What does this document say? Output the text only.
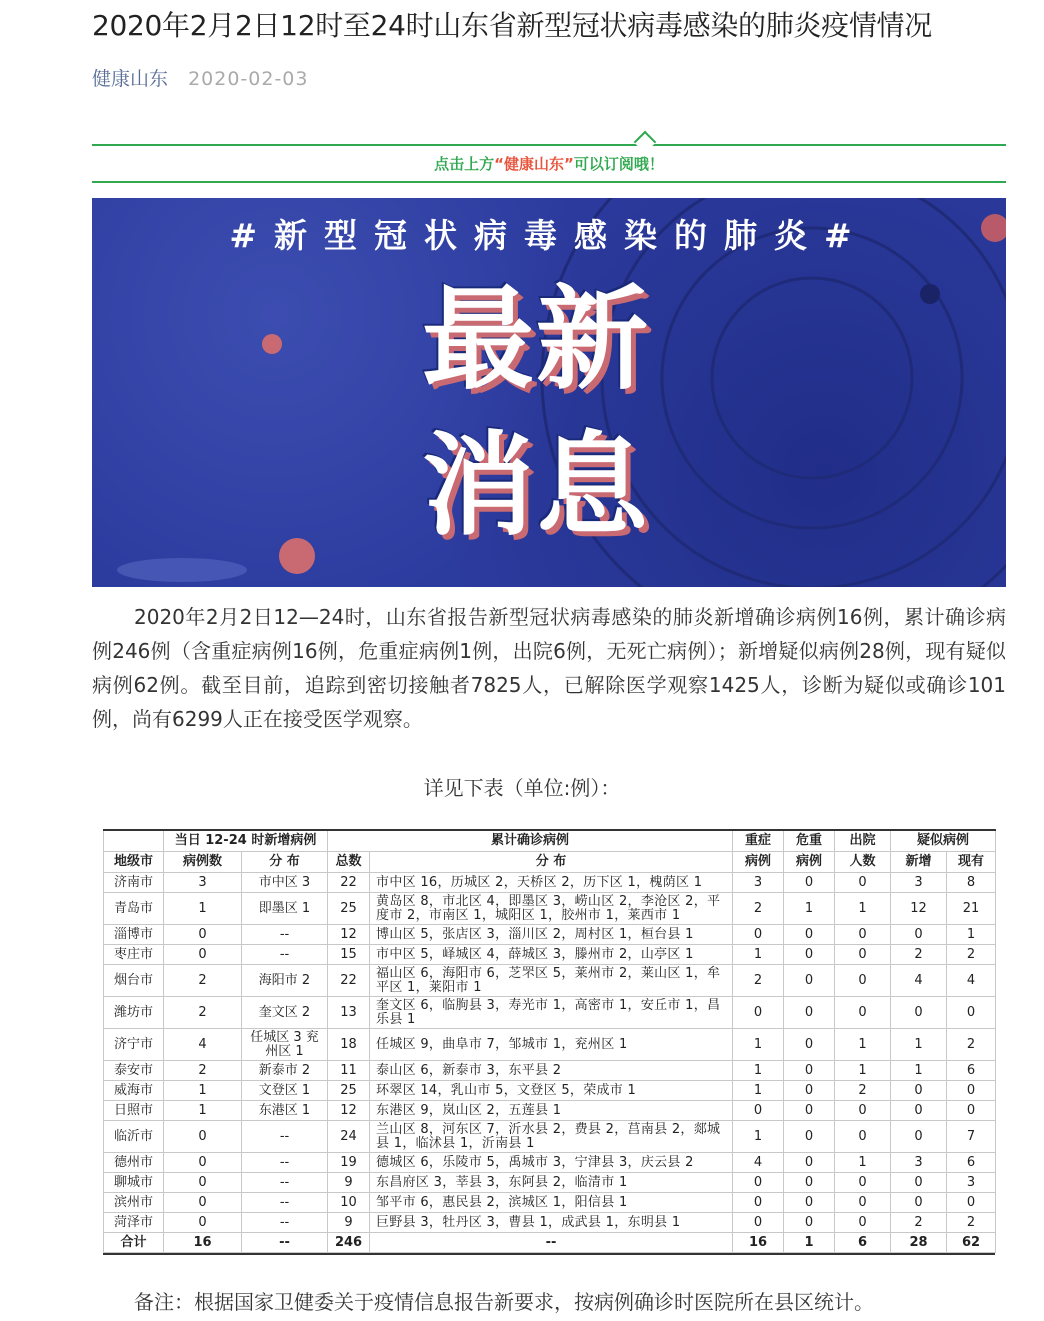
2020年2月2日12时至24时山东省新型冠状病毒感染的肺炎疫情情况
健康山东 2020-02-03
点击上方“健康山东”可以订阅哦！
#新型冠状病毒感染的肺炎#
最新
消息
2020年2月2日12—24时，山东省报告新型冠状病毒感染的肺炎新增确诊病例16例，累计确诊病例246例（含重症病例16例，危重症病例1例，出院6例，无死亡病例）；新增疑似病例28例，现有疑似病例62例。截至目前，追踪到密切接触者7825人，已解除医学观察1425人，诊断为疑似或确诊101例，尚有6299人正在接受医学观察。
详见下表（单位:例）：
	当日 12-24 时新增病例		累计确诊病例		重症	危重	出院	疑似病例	
地级市	病例数	分 布	总数	分 布	病例	病例	人数	新增	现有
济南市	3	市中区 3	22	市中区 16，历城区 2，天桥区 2，历下区 1，槐荫区 1	3	0	0	3	8
青岛市	1	即墨区 1	25	黄岛区 8，市北区 4，即墨区 3，崂山区 2，李沧区 2，平度市 2，市南区 1，城阳区 1，胶州市 1，莱西市 1	2	1	1	12	21
淄博市	0	--	12	博山区 5，张店区 3，淄川区 2，周村区 1，桓台县 1	0	0	0	0	1
枣庄市	0	--	15	市中区 5，峄城区 4，薛城区 3，滕州市 2，山亭区 1	1	0	0	2	2
烟台市	2	海阳市 2	22	福山区 6，海阳市 6，芝罘区 5，莱州市 2，莱山区 1，牟平区 1，莱阳市 1	2	0	0	4	4
潍坊市	2	奎文区 2	13	奎文区 6，临朐县 3，寿光市 1，高密市 1，安丘市 1，昌乐县 1	0	0	0	0	0
济宁市	4	任城区 3 兖州区 1	18	任城区 9，曲阜市 7，邹城市 1，兖州区 1	1	0	1	1	2
泰安市	2	新泰市 2	11	泰山区 6，新泰市 3，东平县 2	1	0	1	1	6
威海市	1	文登区 1	25	环翠区 14，乳山市 5，文登区 5，荣成市 1	1	0	2	0	0
日照市	1	东港区 1	12	东港区 9，岚山区 2，五莲县 1	0	0	0	0	0
临沂市	0	--	24	兰山区 8，河东区 7，沂水县 2，费县 2，莒南县 2，郯城县 1，临沭县 1，沂南县 1	1	0	0	0	7
德州市	0	--	19	德城区 6，乐陵市 5，禹城市 3，宁津县 3，庆云县 2	4	0	1	3	6
聊城市	0	--	9	东昌府区 3，莘县 3，东阿县 2，临清市 1	0	0	0	0	3
滨州市	0	--	10	邹平市 6，惠民县 2，滨城区 1，阳信县 1	0	0	0	0	0
菏泽市	0	--	9	巨野县 3，牡丹区 3，曹县 1，成武县 1，东明县 1	0	0	0	2	2
合计	16	--	246	--	16	1	6	28	62
备注：根据国家卫健委关于疫情信息报告新要求，按病例确诊时医院所在县区统计。
